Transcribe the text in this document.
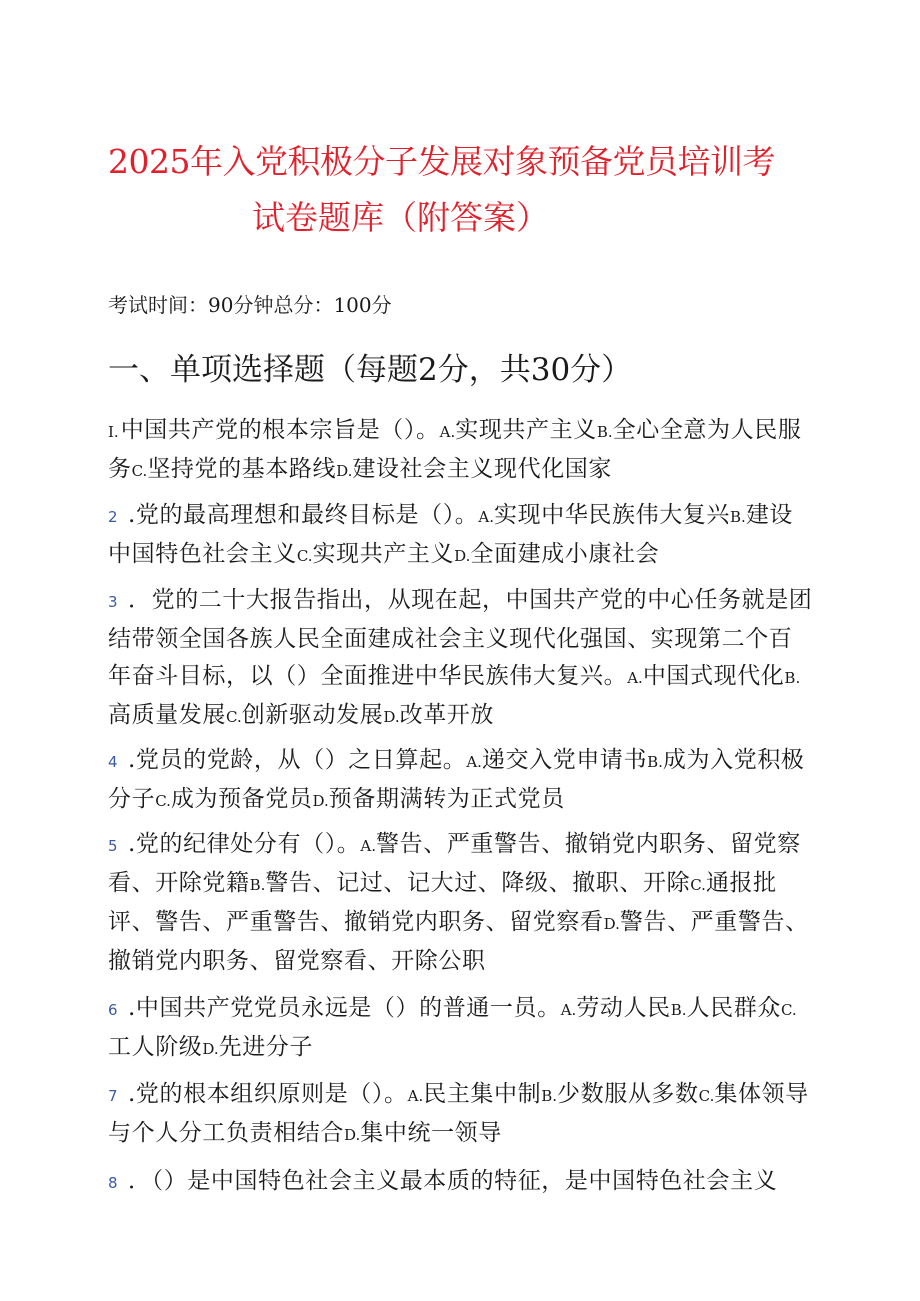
2025年入党积极分子发展对象预备党员培训考
试卷题库（附答案）
考试时间：90分钟总分：100分
一、单项选择题（每题2分，共30分）
I.中国共产党的根本宗旨是（）。A.实现共产主义B.全心全意为人民服务C.坚持党的基本路线D.建设社会主义现代化国家
2 .党的最高理想和最终目标是（）。A.实现中华民族伟大复兴B.建设中国特色社会主义C.实现共产主义D.全面建成小康社会
3 ．党的二十大报告指出，从现在起，中国共产党的中心任务就是团结带领全国各族人民全面建成社会主义现代化强国、实现第二个百年奋斗目标，以（）全面推进中华民族伟大复兴。A.中国式现代化B.高质量发展C.创新驱动发展D.改革开放
4 .党员的党龄，从（）之日算起。A.递交入党申请书B.成为入党积极分子C.成为预备党员D.预备期满转为正式党员
5 .党的纪律处分有（）。A.警告、严重警告、撤销党内职务、留党察看、开除党籍B.警告、记过、记大过、降级、撤职、开除C.通报批评、警告、严重警告、撤销党内职务、留党察看D.警告、严重警告、撤销党内职务、留党察看、开除公职
6 .中国共产党党员永远是（）的普通一员。A.劳动人民B.人民群众C.工人阶级D.先进分子
7 .党的根本组织原则是（）。A.民主集中制B.少数服从多数C.集体领导与个人分工负责相结合D.集中统一领导
8 ．（）是中国特色社会主义最本质的特征，是中国特色社会主义
